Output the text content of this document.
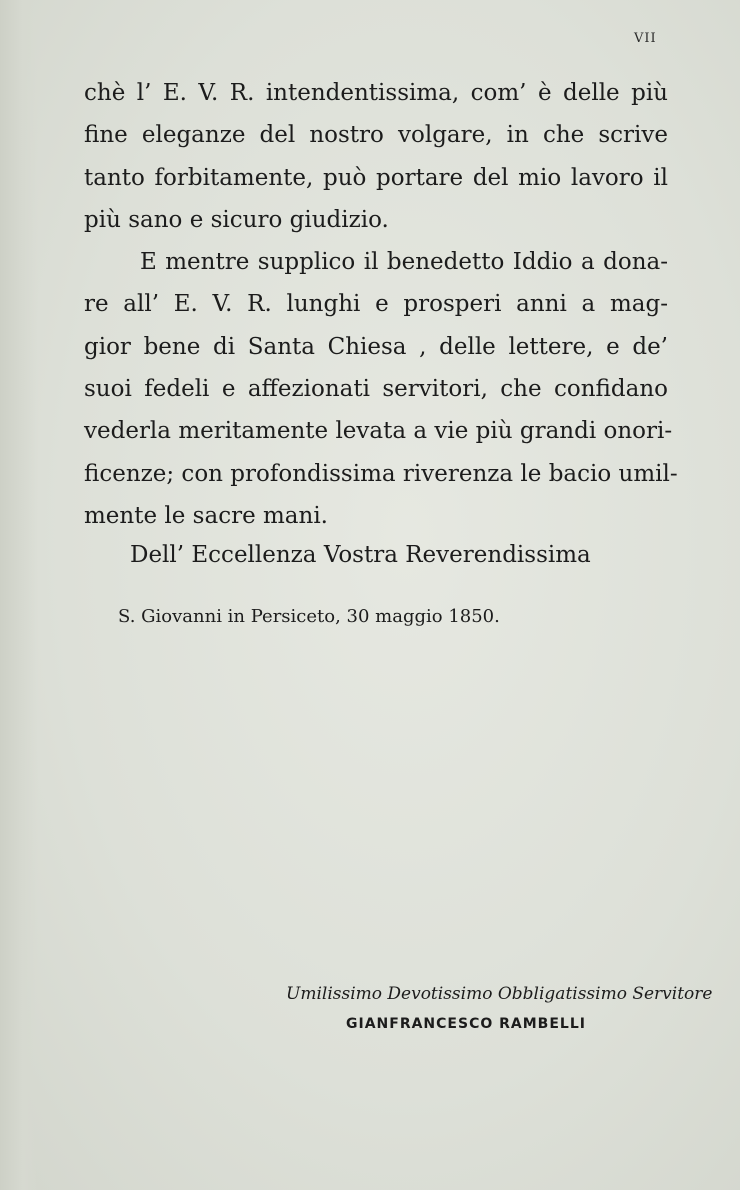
VII
chè l’ E. V. R. intendentissima, com’ è delle più
fine eleganze del nostro volgare, in che scrive
tanto forbitamente, può portare del mio lavoro il
più sano e sicuro giudizio.
E mentre supplico il benedetto Iddio a dona-
re all’ E. V. R. lunghi e prosperi anni a mag-
gior bene di Santa Chiesa , delle lettere, e de’
suoi fedeli e affezionati servitori, che confidano
vederla meritamente levata a vie più grandi onori-
ficenze; con profondissima riverenza le bacio umil-
mente le sacre mani.
Dell’ Eccellenza Vostra Reverendissima
S. Giovanni in Persiceto, 30 maggio 1850.
Umilissimo Devotissimo Obbligatissimo Servitore
GIANFRANCESCO RAMBELLI
